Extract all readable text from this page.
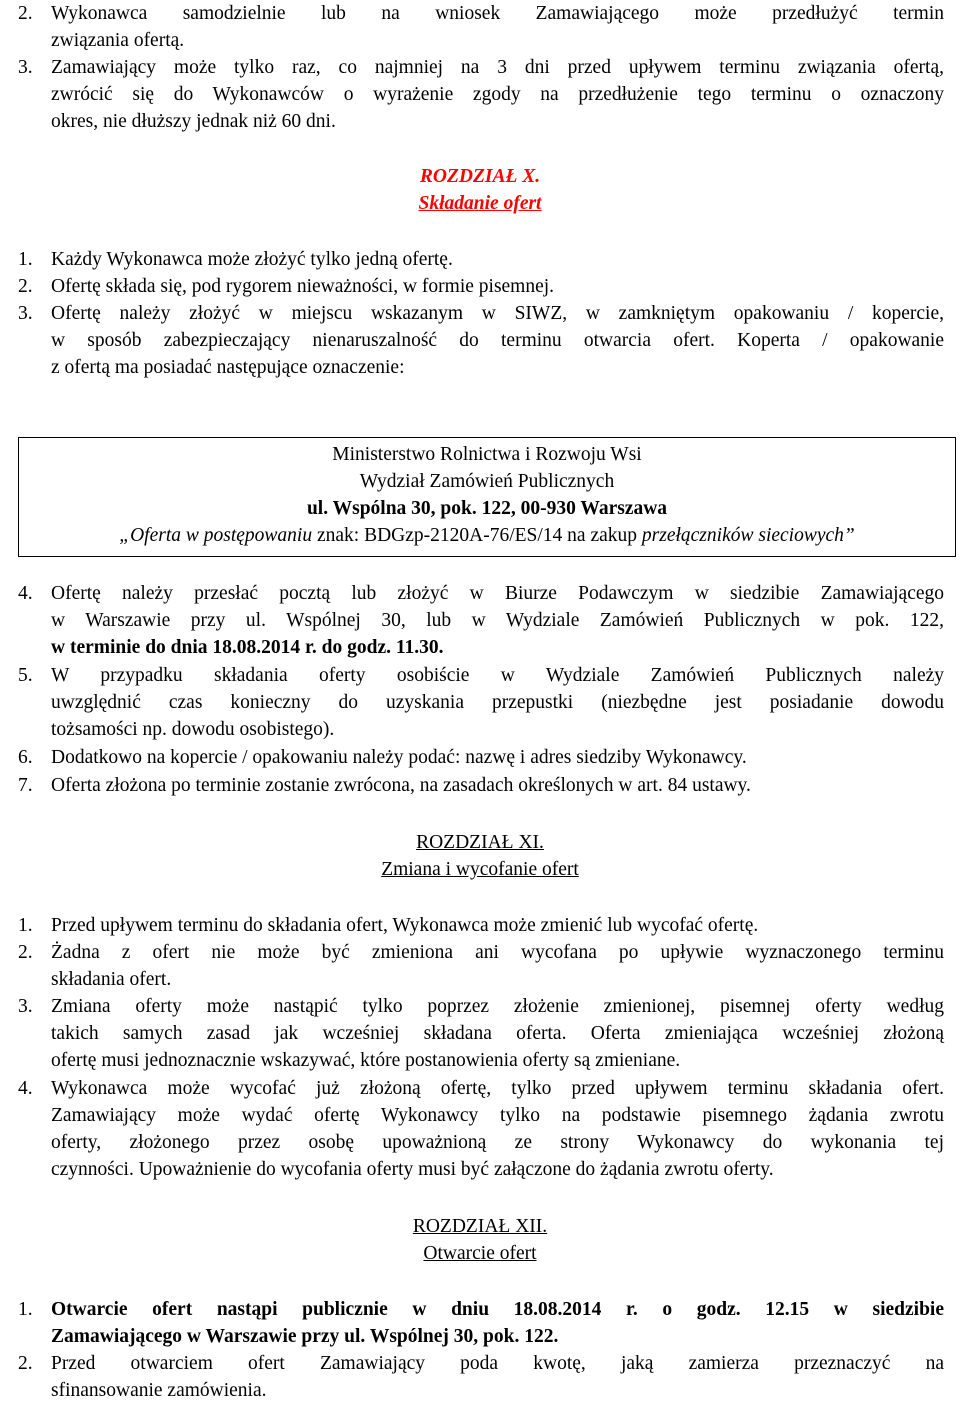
2. Wykonawca samodzielnie lub na wniosek Zamawiającego może przedłużyć termin
związania ofertą.
3. Zamawiający może tylko raz, co najmniej na 3 dni przed upływem terminu związania ofertą,
zwrócić się do Wykonawców o wyrażenie zgody na przedłużenie tego terminu o oznaczony
okres, nie dłuższy jednak niż 60 dni.
ROZDZIAŁ X.
Składanie ofert
1. Każdy Wykonawca może złożyć tylko jedną ofertę.
2. Ofertę składa się, pod rygorem nieważności, w formie pisemnej.
3. Ofertę należy złożyć w miejscu wskazanym w SIWZ, w zamkniętym opakowaniu / kopercie,
w sposób zabezpieczający nienaruszalność do terminu otwarcia ofert. Koperta / opakowanie
z ofertą ma posiadać następujące oznaczenie:
Ministerstwo Rolnictwa i Rozwoju Wsi
Wydział Zamówień Publicznych
ul. Wspólna 30, pok. 122, 00-930 Warszawa
„Oferta w postępowaniu znak: BDGzp-2120A-76/ES/14 na zakup przełączników sieciowych”
4. Ofertę należy przesłać pocztą lub złożyć w Biurze Podawczym w siedzibie Zamawiającego
w Warszawie przy ul. Wspólnej 30, lub w Wydziale Zamówień Publicznych w pok. 122,
w terminie do dnia 18.08.2014 r. do godz. 11.30.
5. W przypadku składania oferty osobiście w Wydziale Zamówień Publicznych należy
uwzględnić czas konieczny do uzyskania przepustki (niezbędne jest posiadanie dowodu
tożsamości np. dowodu osobistego).
6. Dodatkowo na kopercie / opakowaniu należy podać: nazwę i adres siedziby Wykonawcy.
7. Oferta złożona po terminie zostanie zwrócona, na zasadach określonych w art. 84 ustawy.
ROZDZIAŁ XI.
Zmiana i wycofanie ofert
1. Przed upływem terminu do składania ofert, Wykonawca może zmienić lub wycofać ofertę.
2. Żadna z ofert nie może być zmieniona ani wycofana po upływie wyznaczonego terminu
składania ofert.
3. Zmiana oferty może nastąpić tylko poprzez złożenie zmienionej, pisemnej oferty według
takich samych zasad jak wcześniej składana oferta. Oferta zmieniająca wcześniej złożoną
ofertę musi jednoznacznie wskazywać, które postanowienia oferty są zmieniane.
4. Wykonawca może wycofać już złożoną ofertę, tylko przed upływem terminu składania ofert.
Zamawiający może wydać ofertę Wykonawcy tylko na podstawie pisemnego żądania zwrotu
oferty, złożonego przez osobę upoważnioną ze strony Wykonawcy do wykonania tej
czynności. Upoważnienie do wycofania oferty musi być załączone do żądania zwrotu oferty.
ROZDZIAŁ XII.
Otwarcie ofert
1. Otwarcie ofert nastąpi publicznie w dniu 18.08.2014 r. o godz. 12.15 w siedzibie
Zamawiającego w Warszawie przy ul. Wspólnej 30, pok. 122.
2. Przed otwarciem ofert Zamawiający poda kwotę, jaką zamierza przeznaczyć na
sfinansowanie zamówienia.
